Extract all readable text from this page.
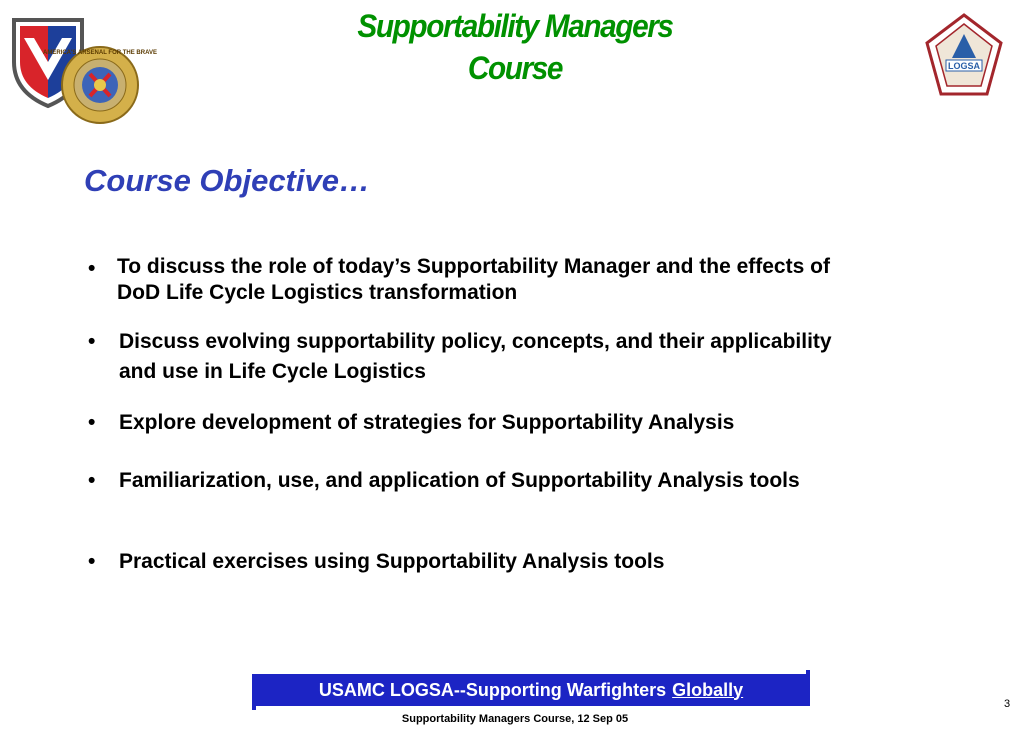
Supportability Managers
Course
AMERICA'S ARSENAL FOR THE BRAVE
LOGSA
Course Objective…
•	To discuss the role of today’s Supportability Manager and the effects of DoD Life Cycle Logistics transformation
•	Discuss evolving supportability policy, concepts, and their applicability and use in Life Cycle Logistics
•	Explore development of strategies for Supportability Analysis
•	Familiarization, use, and application of Supportability Analysis tools
•	Practical exercises using Supportability Analysis tools
USAMC LOGSA--Supporting Warfighters Globally
Supportability Managers Course, 12 Sep 05
3
